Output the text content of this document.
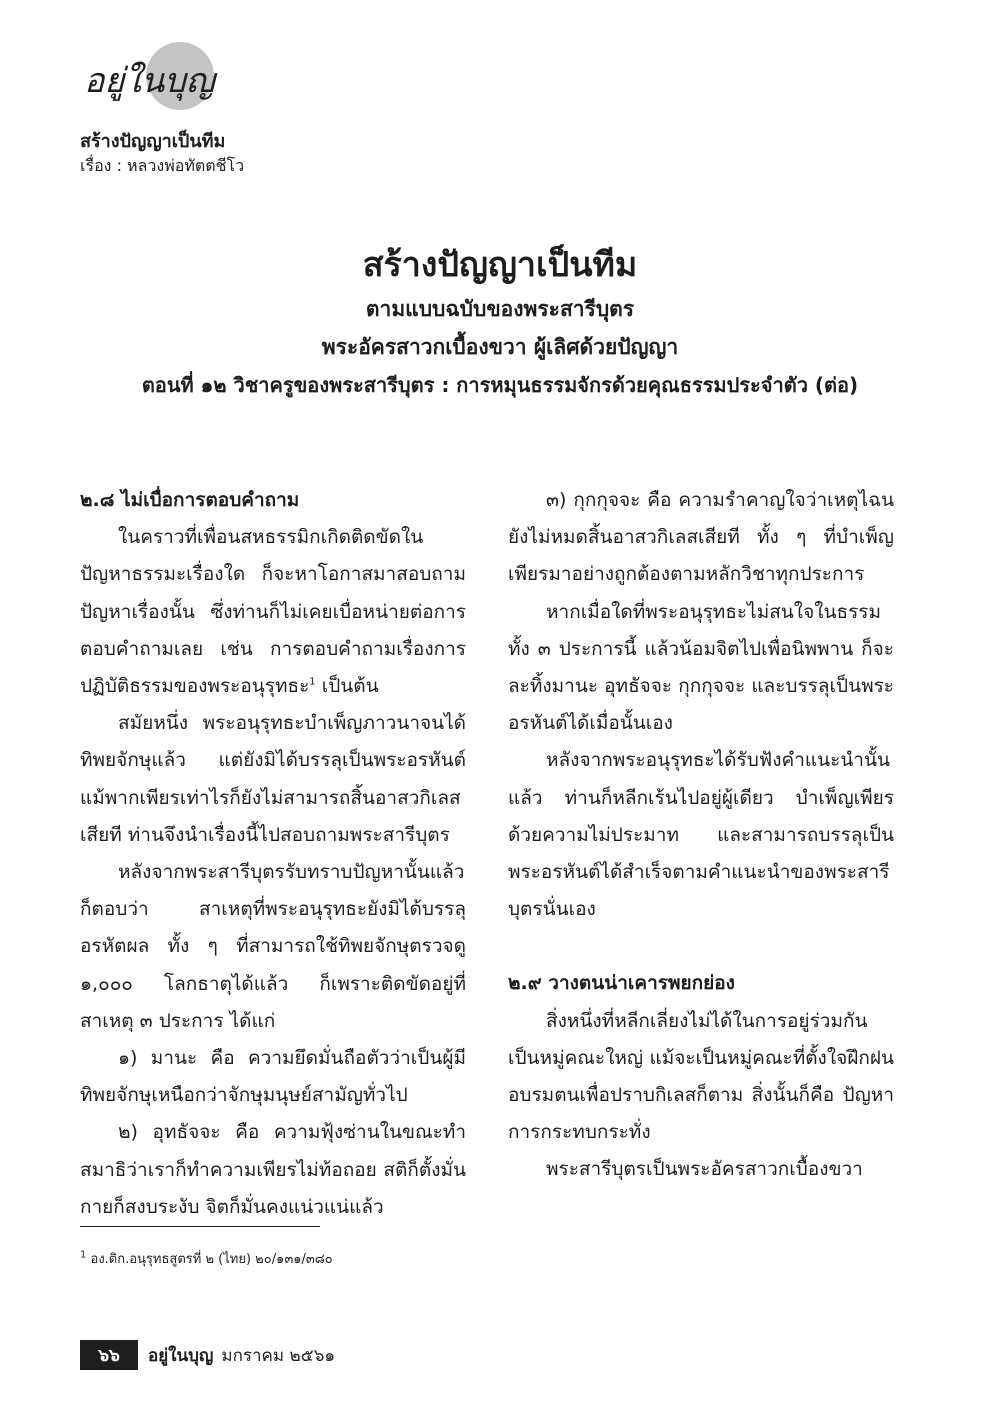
อยู่ในบุญ

สร้างปัญญาเป็นทีม

เรื่อง : หลวงพ่อทัตตชีโว

สร้างปัญญาเป็นทีม

ตามแบบฉบับของพระสารีบุตร

พระอัครสาวกเบื้องขวา ผู้เลิศด้วยปัญญา

ตอนที่ ๑๒ วิชาครูของพระสารีบุตร : การหมุนธรรมจักรด้วยคุณธรรมประจำตัว (ต่อ)

๒.๘ ไม่เบื่อการตอบคำถาม

ในคราวที่เพื่อนสหธรรมิกเกิดติดขัดในปัญหาธรรมะเรื่องใด ก็จะหาโอกาสมาสอบถามปัญหาเรื่องนั้น ซึ่งท่านก็ไม่เคยเบื่อหน่ายต่อการตอบคำถามเลย เช่น การตอบคำถามเรื่องการปฏิบัติธรรมของพระอนุรุทธะ$^1$ เป็นต้น

สมัยหนึ่ง พระอนุรุทธะบำเพ็ญภาวนาจนได้ทิพยจักษุแล้ว แต่ยังมิได้บรรลุเป็นพระอรหันต์ แม้พากเพียรเท่าไรก็ยังไม่สามารถสิ้นอาสวกิเลสเสียที ท่านจึงนำเรื่องนี้ไปสอบถามพระสารีบุตร

หลังจากพระสารีบุตรรับทราบปัญหานั้นแล้ว ก็ตอบว่า สาเหตุที่พระอนุรุทธะยังมิได้บรรลุอรหัตผล ทั้ง ๆ ที่สามารถใช้ทิพยจักษุตรวจดู ๑,๐๐๐ โลกธาตุได้แล้ว ก็เพราะติดขัดอยู่ที่สาเหตุ ๓ ประการ ได้แก่

๑) มานะ คือ ความยึดมั่นถือตัวว่าเป็นผู้มีทิพยจักษุเหนือกว่าจักษุมนุษย์สามัญทั่วไป

๒) อุทธัจจะ คือ ความฟุ้งซ่านในขณะทำสมาธิว่าเราก็ทำความเพียรไม่ท้อถอย สติก็ตั้งมั่น กายก็สงบระงับ จิตก็มั่นคงแน่วแน่แล้ว

๓) กุกกุจจะ คือ ความรำคาญใจว่าเหตุไฉนยังไม่หมดสิ้นอาสวกิเลสเสียที ทั้ง ๆ ที่บำเพ็ญเพียรมาอย่างถูกต้องตามหลักวิชาทุกประการ

หากเมื่อใดที่พระอนุรุทธะไม่สนใจในธรรมทั้ง ๓ ประการนี้ แล้วน้อมจิตไปเพื่อนิพพาน ก็จะละทิ้งมานะ อุทธัจจะ กุกกุจจะ และบรรลุเป็นพระอรหันต์ได้เมื่อนั้นเอง

หลังจากพระอนุรุทธะได้รับฟังคำแนะนำนั้นแล้ว ท่านก็หลีกเร้นไปอยู่ผู้เดียว บำเพ็ญเพียรด้วยความไม่ประมาท และสามารถบรรลุเป็นพระอรหันต์ได้สำเร็จตามคำแนะนำของพระสารีบุตรนั่นเอง

๒.๙ วางตนน่าเคารพยกย่อง

สิ่งหนึ่งที่หลีกเลี่ยงไม่ได้ในการอยู่ร่วมกันเป็นหมู่คณะใหญ่ แม้จะเป็นหมู่คณะที่ตั้งใจฝึกฝนอบรมตนเพื่อปราบกิเลสก็ตาม สิ่งนั้นก็คือ ปัญหาการกระทบกระทั่ง

พระสารีบุตรเป็นพระอัครสาวกเบื้องขวา

$^1$ อง.ติก.อนุรุทธสูตรที่ ๒ (ไทย) ๒๐/๑๓๑/๓๘๐
๖๖	อยู่ในบุญ มกราคม ๒๕๖๑
